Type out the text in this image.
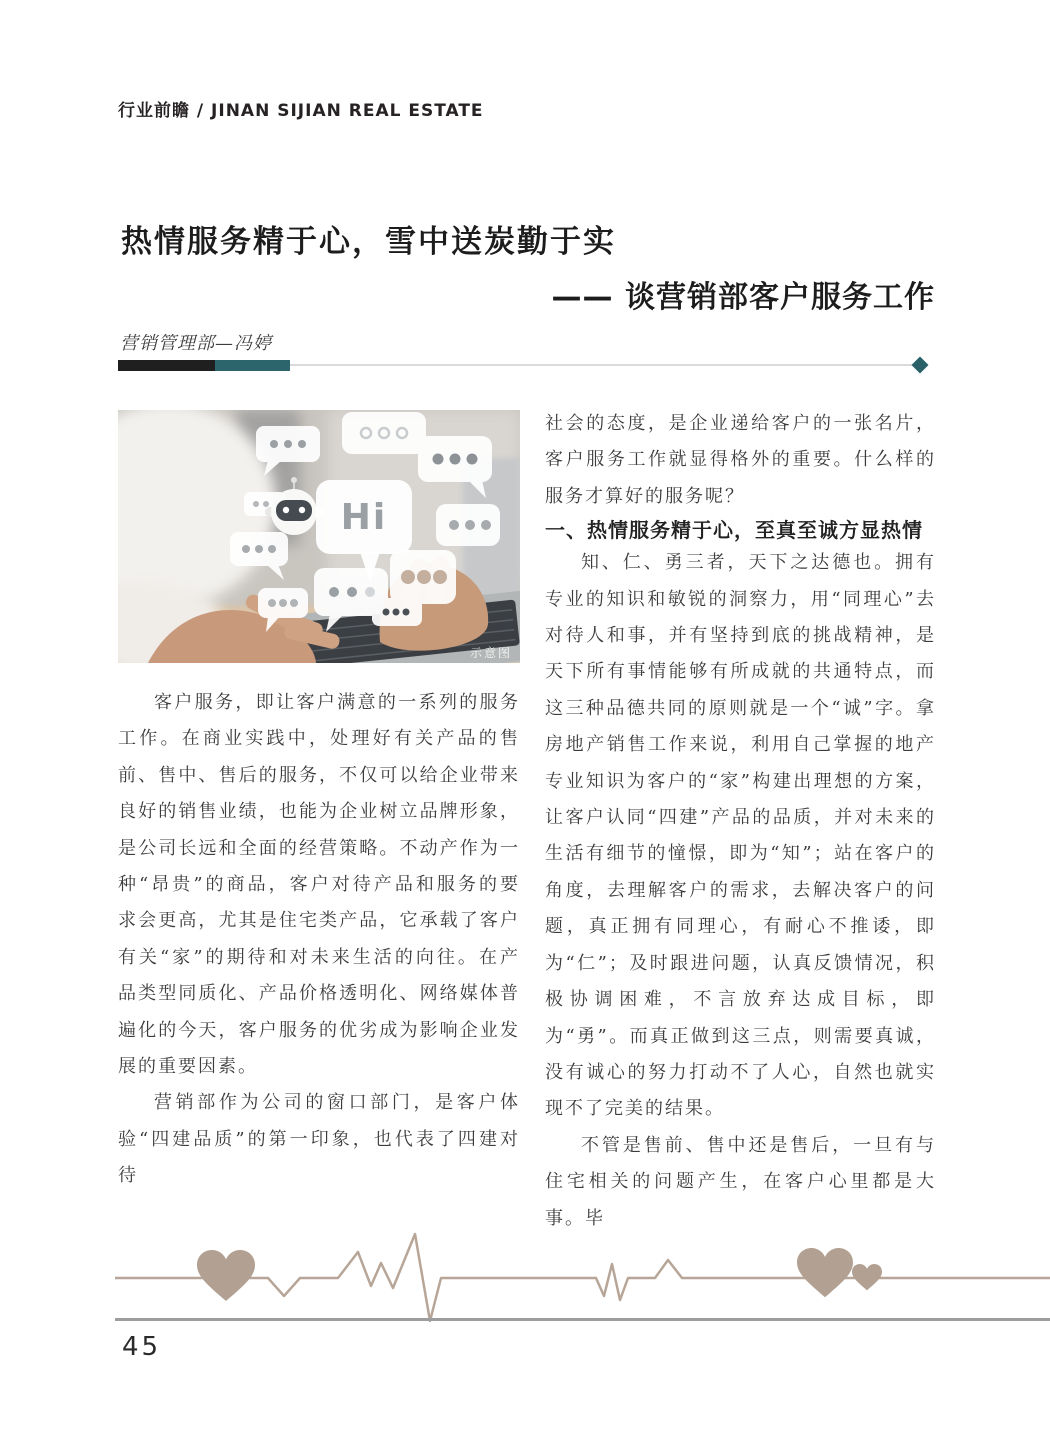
行业前瞻 / JINAN SIJIAN REAL ESTATE
热情服务精于心，雪中送炭勤于实
—— 谈营销部客户服务工作
营销管理部—冯婷
Hi
示意图

客户服务，即让客户满意的一系列的服务工作。在商业实践中，处理好有关产品的售前、售中、售后的服务，不仅可以给企业带来良好的销售业绩，也能为企业树立品牌形象，是公司长远和全面的经营策略。不动产作为一种“昂贵”的商品，客户对待产品和服务的要求会更高，尤其是住宅类产品，它承载了客户有关“家”的期待和对未来生活的向往。在产品类型同质化、产品价格透明化、网络媒体普遍化的今天，客户服务的优劣成为影响企业发展的重要因素。

营销部作为公司的窗口部门，是客户体验“四建品质”的第一印象，也代表了四建对待

社会的态度，是企业递给客户的一张名片，客户服务工作就显得格外的重要。什么样的服务才算好的服务呢？

一、热情服务精于心，至真至诚方显热情

知、仁、勇三者，天下之达德也。拥有专业的知识和敏锐的洞察力，用“同理心”去对待人和事，并有坚持到底的挑战精神，是天下所有事情能够有所成就的共通特点，而这三种品德共同的原则就是一个“诚”字。拿房地产销售工作来说，利用自己掌握的地产专业知识为客户的“家”构建出理想的方案，让客户认同“四建”产品的品质，并对未来的生活有细节的憧憬，即为“知”；站在客户的角度，去理解客户的需求，去解决客户的问题，真正拥有同理心，有耐心不推诿，即为“仁”；及时跟进问题，认真反馈情况，积极协调困难，不言放弃达成目标，即为“勇”。而真正做到这三点，则需要真诚，没有诚心的努力打动不了人心，自然也就实现不了完美的结果。

不管是售前、售中还是售后，一旦有与住宅相关的问题产生，在客户心里都是大事。毕

45
